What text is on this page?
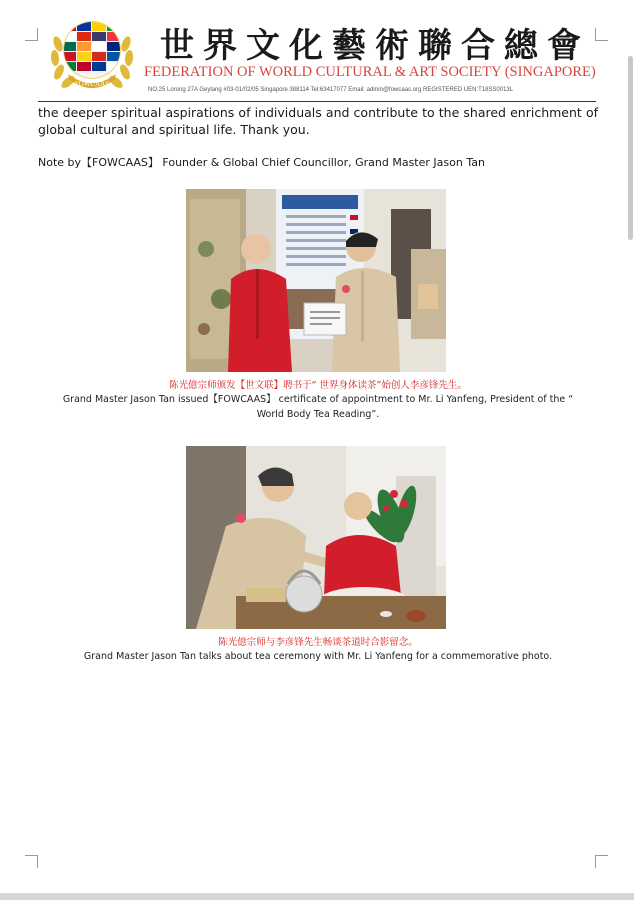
FOWCAAS
世界文化藝術聯合總會
FEDERATION OF WORLD CULTURAL & ART SOCIETY (SINGAPORE)
NO.25 Lorong 27A Geylang #03-01/02/05 Singapore 388114 Tel:63417077 Email: admin@fowcaas.org REGISTERED UEN:T18SS0013L
the deeper spiritual aspirations of individuals and contribute to the shared enrichment of global cultural and spiritual life. Thank you.
Note by【FOWCAAS】 Founder & Global Chief Councillor, Grand Master Jason Tan
陈光億宗师颁发【世文联】聘书于“ 世界身体读茶”始创人李彦锋先生。
Grand Master Jason Tan issued【FOWCAAS】 certificate of appointment to Mr. Li Yanfeng, President of the “
World Body Tea Reading”.
陈光億宗师与李彦锋先生畅谈茶道时合影留念。
Grand Master Jason Tan talks about tea ceremony with Mr. Li Yanfeng for a commemorative photo.
